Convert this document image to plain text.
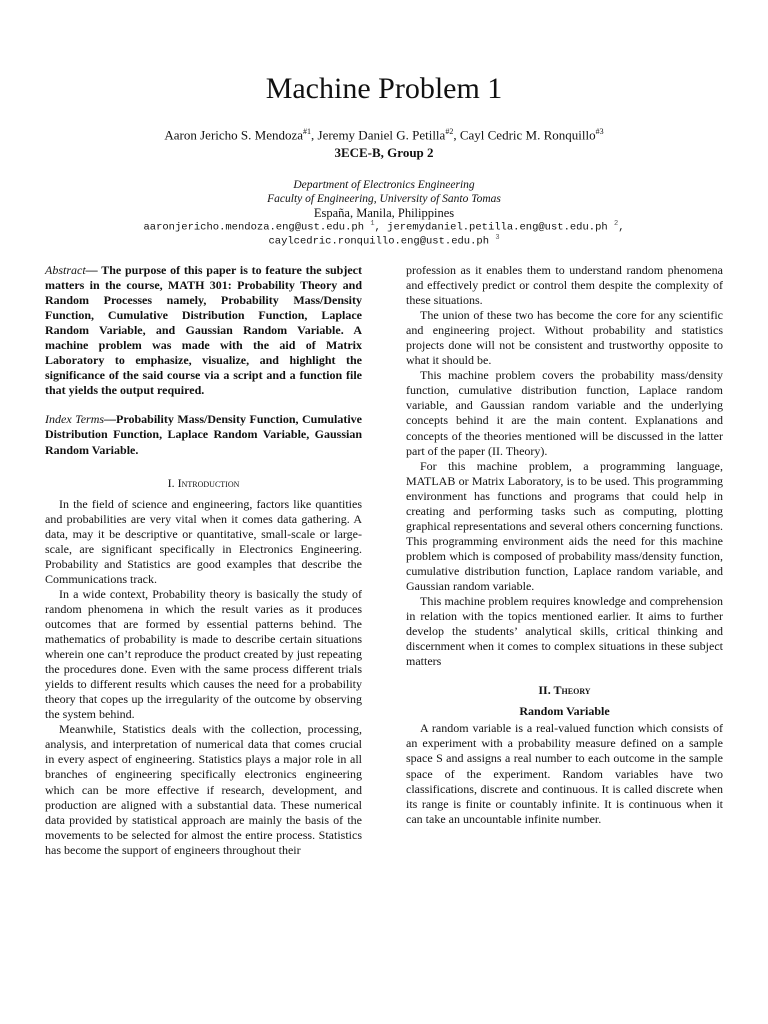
Machine Problem 1
Aaron Jericho S. Mendoza$^{\#1}$, Jeremy Daniel G. Petilla$^{\#2}$, Cayl Cedric M. Ronquillo$^{\#3}$
3ECE-B, Group 2
Department of Electronics Engineering
Faculty of Engineering, University of Santo Tomas
España, Manila, Philippines
aaronjericho.mendoza.eng@ust.edu.ph $^1$, jeremydaniel.petilla.eng@ust.edu.ph $^2$,
caylcedric.ronquillo.eng@ust.edu.ph $^3$
Abstract— The purpose of this paper is to feature the subject matters in the course, MATH 301: Probability Theory and Random Processes namely, Probability Mass/Density Function, Cumulative Distribution Function, Laplace Random Variable, and Gaussian Random Variable. A machine problem was made with the aid of Matrix Laboratory to emphasize, visualize, and highlight the significance of the said course via a script and a function file that yields the output required.
Index Terms—Probability Mass/Density Function, Cumulative Distribution Function, Laplace Random Variable, Gaussian Random Variable.
I. Introduction

In the field of science and engineering, factors like quantities and probabilities are very vital when it comes data gathering. A data, may it be descriptive or quantitative, small-scale or large-scale, are significant specifically in Electronics Engineering. Probability and Statistics are good examples that describe the Communications track.

In a wide context, Probability theory is basically the study of random phenomena in which the result varies as it produces outcomes that are formed by essential patterns behind. The mathematics of probability is made to describe certain situations wherein one can’t reproduce the product created by just repeating the procedures done. Even with the same process different trials yields to different results which causes the need for a probability theory that copes up the irregularity of the outcome by observing the system behind.

Meanwhile, Statistics deals with the collection, processing, analysis, and interpretation of numerical data that comes crucial in every aspect of engineering. Statistics plays a major role in all branches of engineering specifically electronics engineering which can be more effective if research, development, and production are aligned with a substantial data. These numerical data provided by statistical approach are mainly the basis of the movements to be selected for almost the entire process. Statistics has become the support of engineers throughout their

profession as it enables them to understand random phenomena and effectively predict or control them despite the complexity of these situations.

The union of these two has become the core for any scientific and engineering project. Without probability and statistics projects done will not be consistent and trustworthy opposite to what it should be.

This machine problem covers the probability mass/density function, cumulative distribution function, Laplace random variable, and Gaussian random variable and the underlying concepts behind it are the main content. Explanations and concepts of the theories mentioned will be discussed in the latter part of the paper (II. Theory).

For this machine problem, a programming language, MATLAB or Matrix Laboratory, is to be used. This programming environment has functions and programs that could help in creating and performing tasks such as computing, plotting graphical representations and several others concerning functions. This programming environment aids the need for this machine problem which is composed of probability mass/density function, cumulative distribution function, Laplace random variable, and Gaussian random variable.

This machine problem requires knowledge and comprehension in relation with the topics mentioned earlier. It aims to further develop the students’ analytical skills, critical thinking and discernment when it comes to complex situations in these subject matters

II. Theory
Random Variable

A random variable is a real-valued function which consists of an experiment with a probability measure defined on a sample space S and assigns a real number to each outcome in the sample space of the experiment. Random variables have two classifications, discrete and continuous. It is called discrete when its range is finite or countably infinite. It is continuous when it can take an uncountable infinite number.
